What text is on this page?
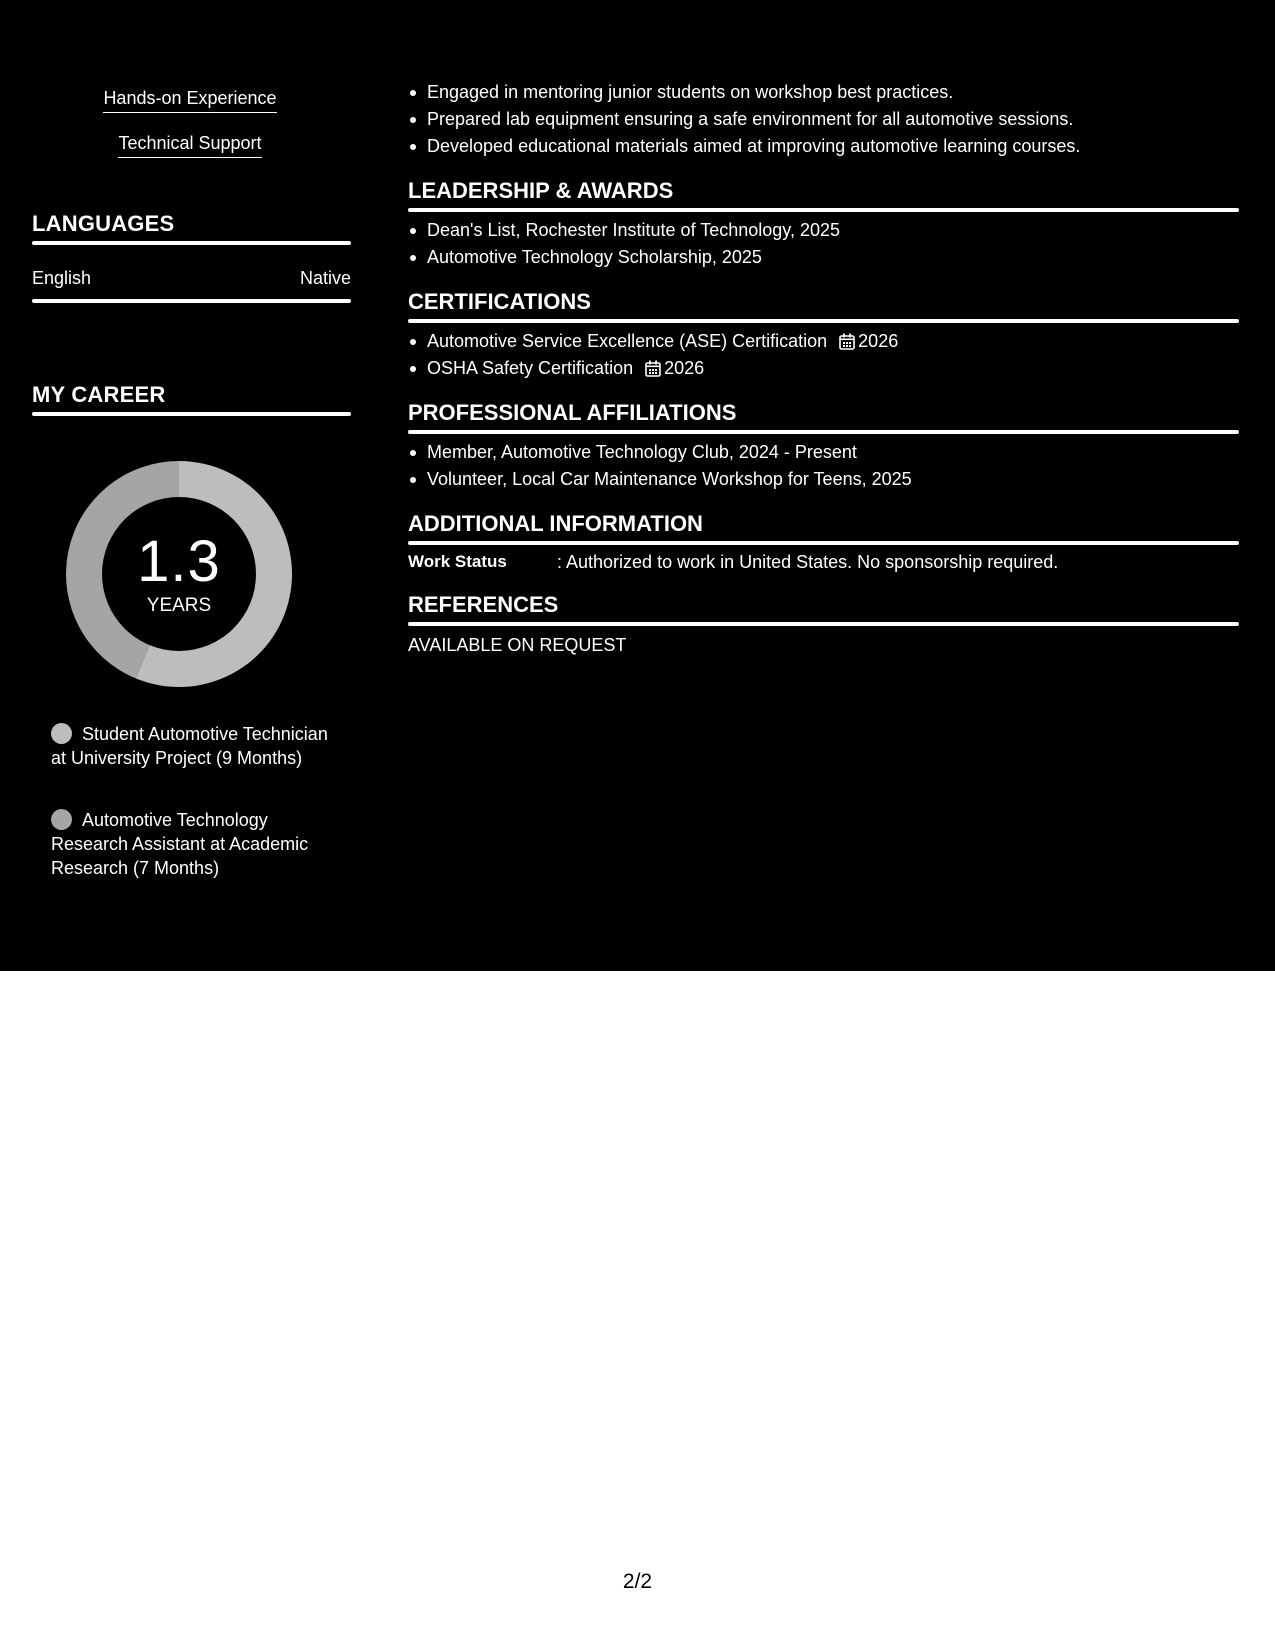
Hands-on Experience
Technical Support
LANGUAGES
English	Native
MY CAREER
1.3
YEARS
Student Automotive Technician at University Project (9 Months)
Automotive Technology Research Assistant at Academic Research (7 Months)
Engaged in mentoring junior students on workshop best practices.
Prepared lab equipment ensuring a safe environment for all automotive sessions.
Developed educational materials aimed at improving automotive learning courses.
LEADERSHIP & AWARDS
Dean's List, Rochester Institute of Technology, 2025
Automotive Technology Scholarship, 2025
CERTIFICATIONS
Automotive Service Excellence (ASE) Certification 2026
OSHA Safety Certification 2026
PROFESSIONAL AFFILIATIONS
Member, Automotive Technology Club, 2024 - Present
Volunteer, Local Car Maintenance Workshop for Teens, 2025
ADDITIONAL INFORMATION
Work Status	: Authorized to work in United States. No sponsorship required.
REFERENCES
AVAILABLE ON REQUEST
2/2
